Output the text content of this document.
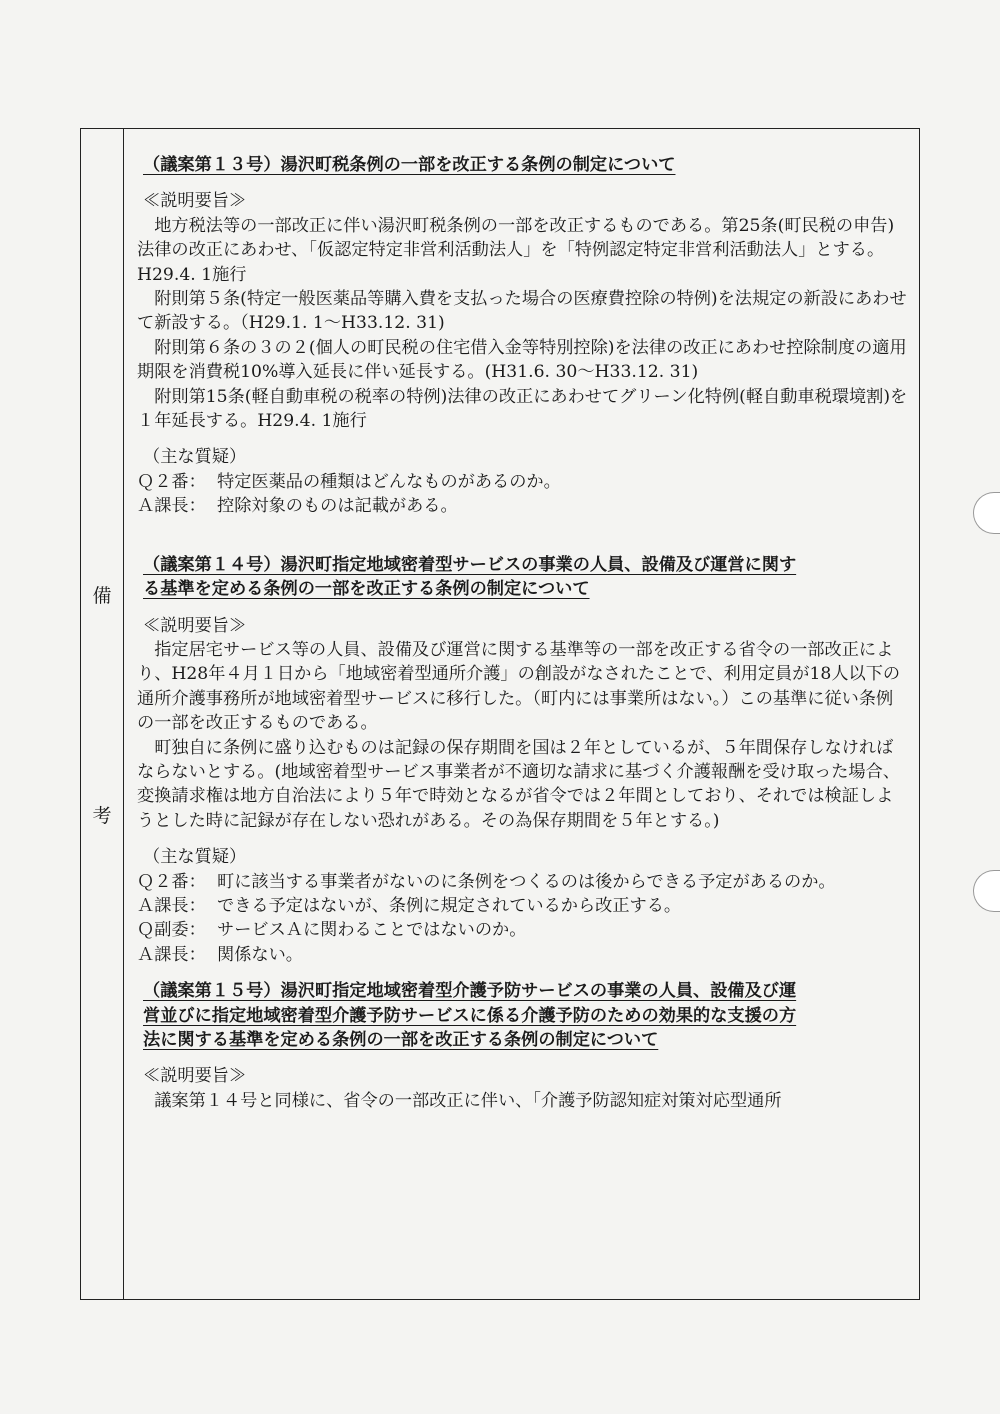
備
考

（議案第１３号）湯沢町税条例の一部を改正する条例の制定について

≪説明要旨≫
地方税法等の一部改正に伴い湯沢町税条例の一部を改正するものである。第25条(町民税の申告)法律の改正にあわせ、「仮認定特定非営利活動法人」を「特例認定特定非営利活動法人」とする。H29.4. 1施行
附則第５条(特定一般医薬品等購入費を支払った場合の医療費控除の特例)を法規定の新設にあわせて新設する。（H29.1. 1～H33.12. 31)
附則第６条の３の２(個人の町民税の住宅借入金等特別控除)を法律の改正にあわせ控除制度の適用期限を消費税10%導入延長に伴い延長する。(H31.6. 30～H33.12. 31)
附則第15条(軽自動車税の税率の特例)法律の改正にあわせてグリーン化特例(軽自動車税環境割)を１年延長する。H29.4. 1施行
（主な質疑）
Ｑ２番： 特定医薬品の種類はどんなものがあるのか。
Ａ課長： 控除対象のものは記載がある。

（議案第１４号）湯沢町指定地域密着型サービスの事業の人員、設備及び運営に関す

る基準を定める条例の一部を改正する条例の制定について

≪説明要旨≫
指定居宅サービス等の人員、設備及び運営に関する基準等の一部を改正する省令の一部改正により、H28年４月１日から「地域密着型通所介護」の創設がなされたことで、利用定員が18人以下の通所介護事務所が地域密着型サービスに移行した。（町内には事業所はない。）この基準に従い条例の一部を改正するものである。
町独自に条例に盛り込むものは記録の保存期間を国は２年としているが、５年間保存しなければならないとする。(地域密着型サービス事業者が不適切な請求に基づく介護報酬を受け取った場合、変換請求権は地方自治法により５年で時効となるが省令では２年間としており、それでは検証しようとした時に記録が存在しない恐れがある。その為保存期間を５年とする。)
（主な質疑）
Ｑ２番： 町に該当する事業者がないのに条例をつくるのは後からできる予定があるのか。
Ａ課長： できる予定はないが、条例に規定されているから改正する。
Ｑ副委： サービスＡに関わることではないのか。
Ａ課長： 関係ない。

（議案第１５号）湯沢町指定地域密着型介護予防サービスの事業の人員、設備及び運

営並びに指定地域密着型介護予防サービスに係る介護予防のための効果的な支援の方

法に関する基準を定める条例の一部を改正する条例の制定について

≪説明要旨≫
議案第１４号と同様に、省令の一部改正に伴い、「介護予防認知症対策対応型通所
